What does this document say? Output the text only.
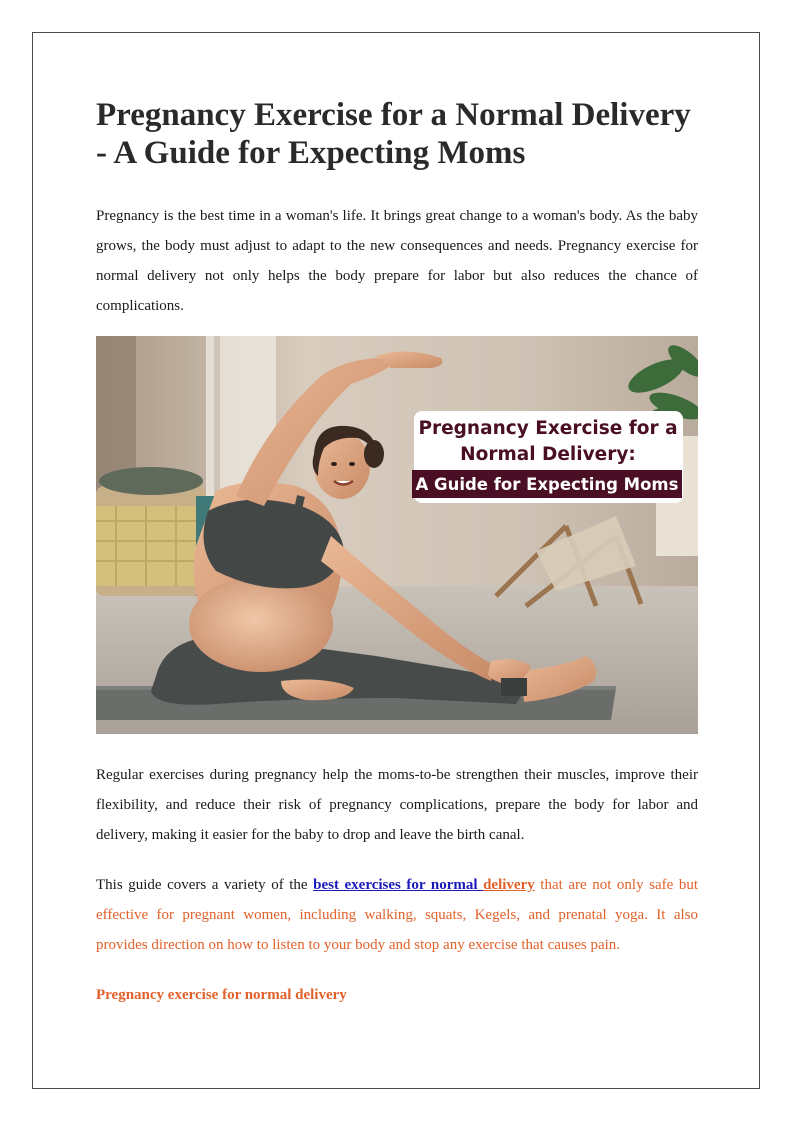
Pregnancy Exercise for a Normal Delivery - A Guide for Expecting Moms

Pregnancy is the best time in a woman's life. It brings great change to a woman's body. As the baby grows, the body must adjust to adapt to the new consequences and needs. Pregnancy exercise for normal delivery not only helps the body prepare for labor but also reduces the chance of complications.

Pregnancy Exercise for a
Normal Delivery:
A Guide for Expecting Moms

Regular exercises during pregnancy help the moms-to-be strengthen their muscles, improve their flexibility, and reduce their risk of pregnancy complications, prepare the body for labor and delivery, making it easier for the baby to drop and leave the birth canal.

This guide covers a variety of the best exercises for normal delivery that are not only safe but effective for pregnant women, including walking, squats, Kegels, and prenatal yoga. It also provides direction on how to listen to your body and stop any exercise that causes pain.

Pregnancy exercise for normal delivery
